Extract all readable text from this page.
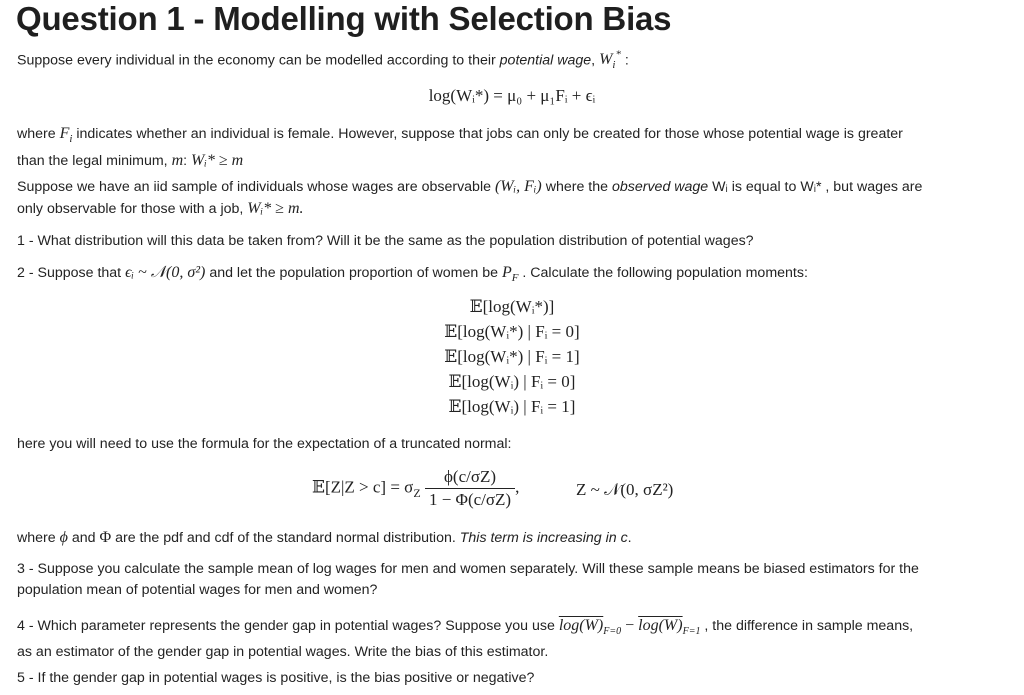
Question 1 - Modelling with Selection Bias
Suppose every individual in the economy can be modelled according to their potential wage, $W_i^*$ :
log(Wᵢ*) = μ₀ + μ₁Fᵢ + ϵᵢ
where $F_i$ indicates whether an individual is female. However, suppose that jobs can only be created for those whose potential wage is greater
than the legal minimum, m: Wᵢ* ≥ m
Suppose we have an iid sample of individuals whose wages are observable (Wᵢ, Fᵢ) where the observed wage Wᵢ is equal to Wᵢ* , but wages are
only observable for those with a job, Wᵢ* ≥ m.
1 - What distribution will this data be taken from? Will it be the same as the population distribution of potential wages?
2 - Suppose that ϵᵢ ~ 𝒩(0, σ²) and let the population proportion of women be $P_F$ . Calculate the following population moments:
𝔼[log(Wᵢ*)]
𝔼[log(Wᵢ*) | Fᵢ = 0]
𝔼[log(Wᵢ*) | Fᵢ = 1]
𝔼[log(Wᵢ) | Fᵢ = 0]
𝔼[log(Wᵢ) | Fᵢ = 1]
here you will need to use the formula for the expectation of a truncated normal:
𝔼[Z|Z > $c] = \sigma_Z \frac{\phi(c/\sigma Z)}{1 - \Phi(c/\sigma Z)}$ ,	Z ~ 𝒩(0, σZ²)
where ϕ and Φ are the pdf and cdf of the standard normal distribution. This term is increasing in c.
3 - Suppose you calculate the sample mean of log wages for men and women separately. Will these sample means be biased estimators for the
population mean of potential wages for men and women?
4 - Which parameter represents the gender gap in potential wages? Suppose you use $\log(W)_{F=0} - \log(W)_{F=1}$ , the difference in sample means,
as an estimator of the gender gap in potential wages. Write the bias of this estimator.
5 - If the gender gap in potential wages is positive, is the bias positive or negative?
